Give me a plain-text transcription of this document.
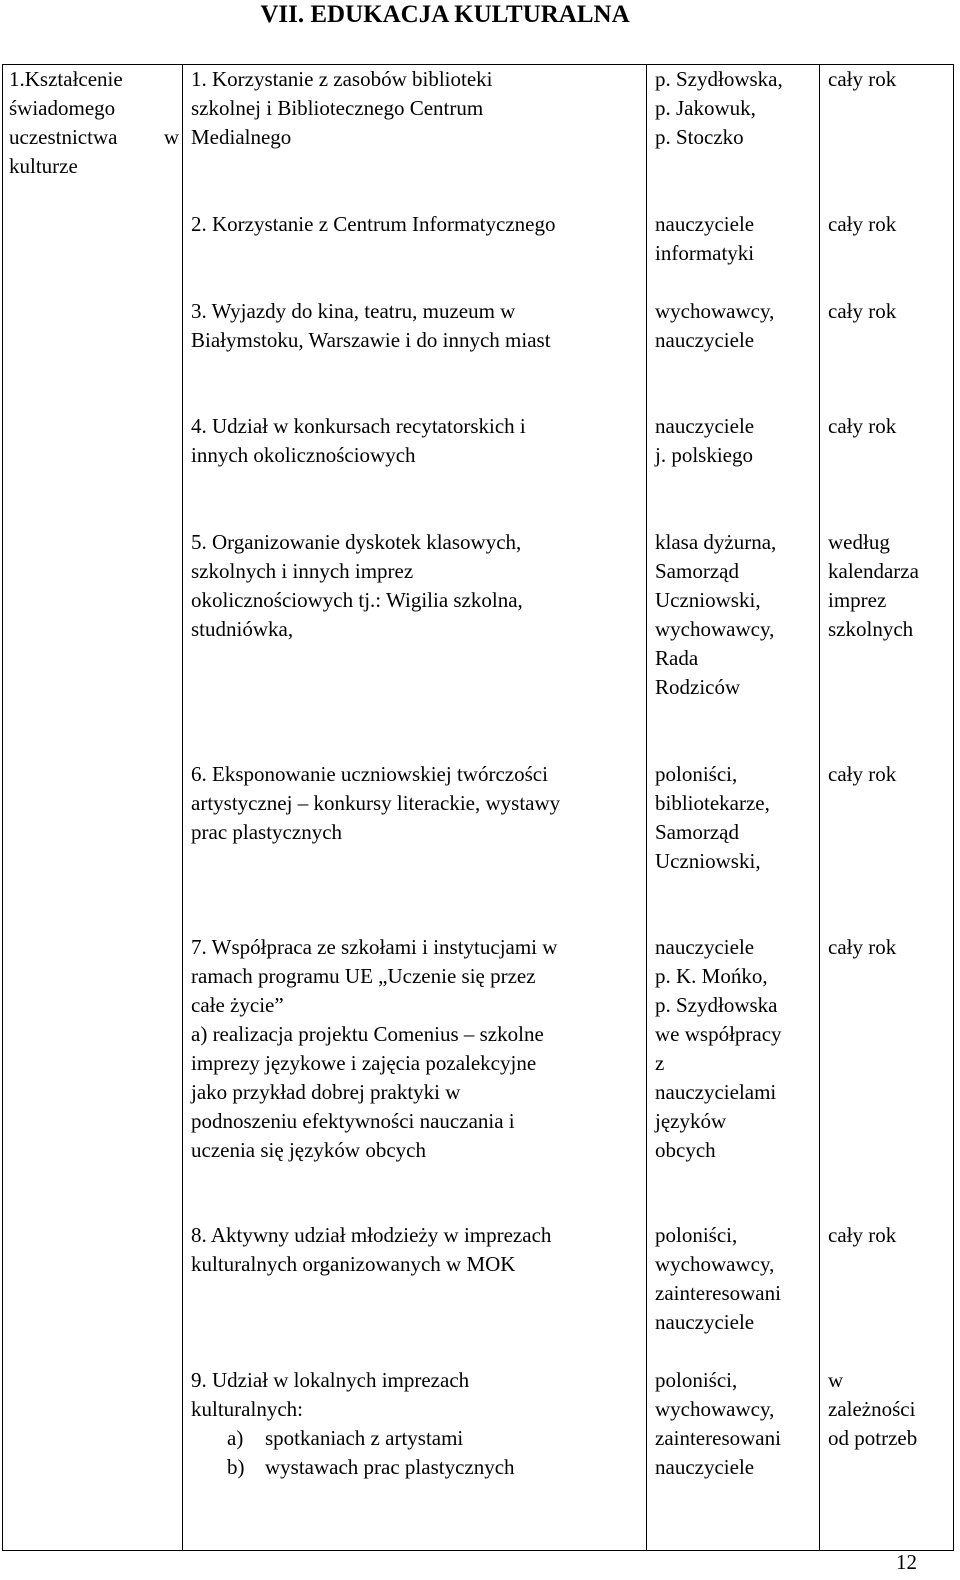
VII. EDUKACJA KULTURALNA
1.Kształcenie
świadomego
uczestnictwa w
kulturze
1. Korzystanie z zasobów biblioteki
szkolnej i Bibliotecznego Centrum
Medialnego
p. Szydłowska,
p. Jakowuk,
p. Stoczko
cały rok
2. Korzystanie z Centrum Informatycznego	nauczyciele
informatyki
cały rok
3. Wyjazdy do kina, teatru, muzeum w
Białymstoku, Warszawie i do innych miast
wychowawcy,
nauczyciele
cały rok
4. Udział w konkursach recytatorskich i
innych okolicznościowych
nauczyciele
j. polskiego
cały rok
5. Organizowanie dyskotek klasowych,
szkolnych i innych imprez
okolicznościowych tj.: Wigilia szkolna,
studniówka,
klasa dyżurna,
Samorząd
Uczniowski,
wychowawcy,
Rada
Rodziców
według
kalendarza
imprez
szkolnych
6. Eksponowanie uczniowskiej twórczości
artystycznej – konkursy literackie, wystawy
prac plastycznych
poloniści,
bibliotekarze,
Samorząd
Uczniowski,
cały rok
7. Współpraca ze szkołami i instytucjami w
ramach programu UE „Uczenie się przez
całe życie”
a) realizacja projektu Comenius – szkolne
imprezy językowe i zajęcia pozalekcyjne
jako przykład dobrej praktyki w
podnoszeniu efektywności nauczania i
uczenia się języków obcych
nauczyciele
p. K. Mońko,
p. Szydłowska
we współpracy
z
nauczycielami
języków
obcych
cały rok
8. Aktywny udział młodzieży w imprezach
kulturalnych organizowanych w MOK
poloniści,
wychowawcy,
zainteresowani
nauczyciele
cały rok
9. Udział w lokalnych imprezach
kulturalnych:
a) spotkaniach z artystami
b) wystawach prac plastycznych
poloniści,
wychowawcy,
zainteresowani
nauczyciele
w
zależności
od potrzeb
12
